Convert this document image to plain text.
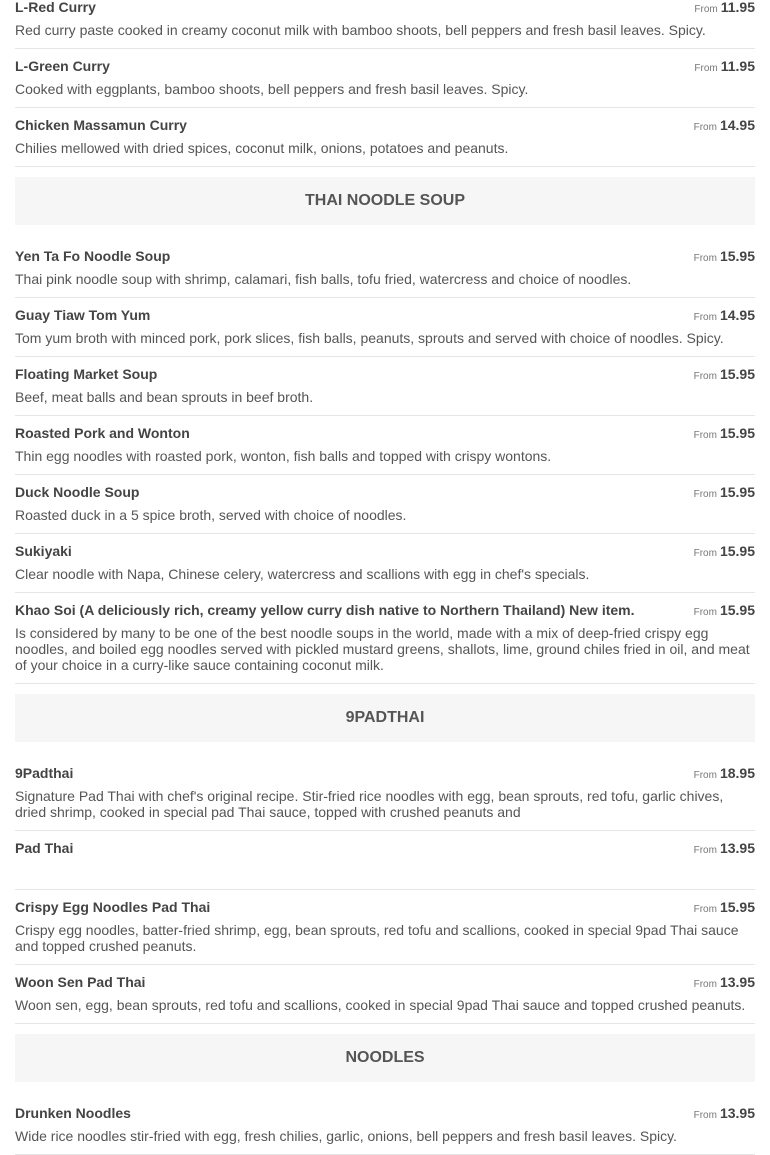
L-Red Curry	From 11.95
Red curry paste cooked in creamy coconut milk with bamboo shoots, bell peppers and fresh basil leaves. Spicy.
L-Green Curry	From 11.95
Cooked with eggplants, bamboo shoots, bell peppers and fresh basil leaves. Spicy.
Chicken Massamun Curry	From 14.95
Chilies mellowed with dried spices, coconut milk, onions, potatoes and peanuts.
THAI NOODLE SOUP
Yen Ta Fo Noodle Soup	From 15.95
Thai pink noodle soup with shrimp, calamari, fish balls, tofu fried, watercress and choice of noodles.
Guay Tiaw Tom Yum	From 14.95
Tom yum broth with minced pork, pork slices, fish balls, peanuts, sprouts and served with choice of noodles. Spicy.
Floating Market Soup	From 15.95
Beef, meat balls and bean sprouts in beef broth.
Roasted Pork and Wonton	From 15.95
Thin egg noodles with roasted pork, wonton, fish balls and topped with crispy wontons.
Duck Noodle Soup	From 15.95
Roasted duck in a 5 spice broth, served with choice of noodles.
Sukiyaki	From 15.95
Clear noodle with Napa, Chinese celery, watercress and scallions with egg in chef's specials.
Khao Soi (A deliciously rich, creamy yellow curry dish native to Northern Thailand) New item.	From 15.95
Is considered by many to be one of the best noodle soups in the world, made with a mix of deep-fried crispy egg noodles, and boiled egg noodles served with pickled mustard greens, shallots, lime, ground chiles fried in oil, and meat of your choice in a curry-like sauce containing coconut milk.
9PADTHAI
9Padthai	From 18.95
Signature Pad Thai with chef's original recipe. Stir-fried rice noodles with egg, bean sprouts, red tofu, garlic chives, dried shrimp, cooked in special pad Thai sauce, topped with crushed peanuts and
Pad Thai	From 13.95
Crispy Egg Noodles Pad Thai	From 15.95
Crispy egg noodles, batter-fried shrimp, egg, bean sprouts, red tofu and scallions, cooked in special 9pad Thai sauce and topped crushed peanuts.
Woon Sen Pad Thai	From 13.95
Woon sen, egg, bean sprouts, red tofu and scallions, cooked in special 9pad Thai sauce and topped crushed peanuts.
NOODLES
Drunken Noodles	From 13.95
Wide rice noodles stir-fried with egg, fresh chilies, garlic, onions, bell peppers and fresh basil leaves. Spicy.
